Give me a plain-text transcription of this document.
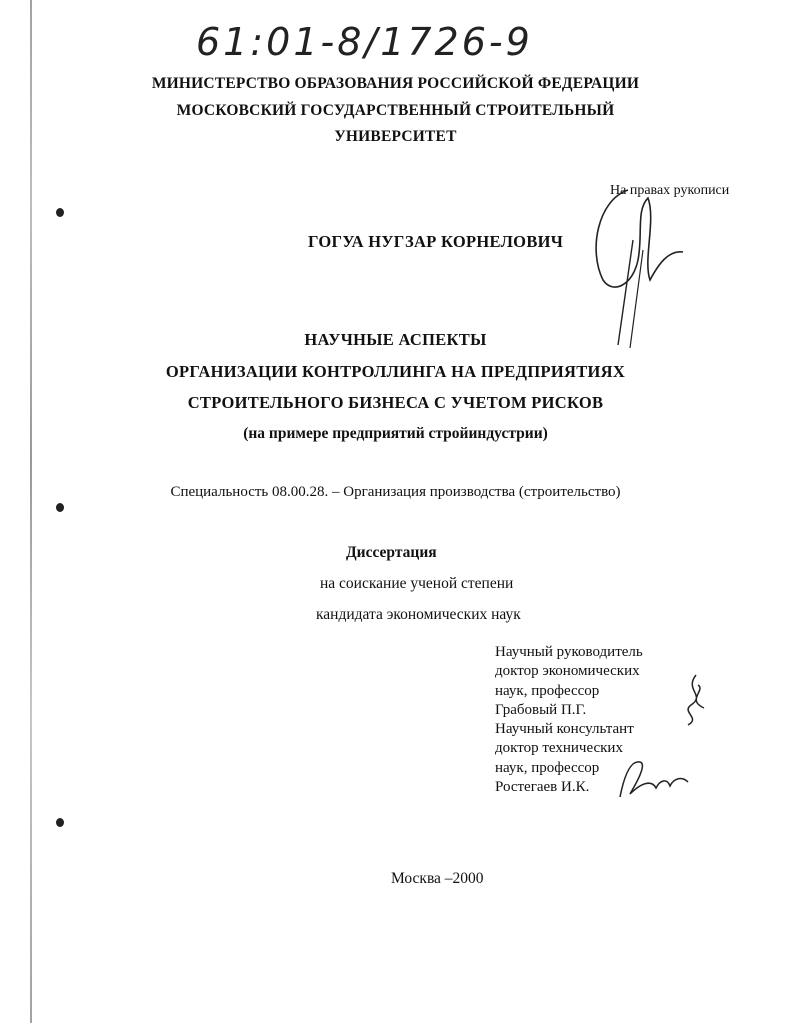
61:01-8/1726-9
МИНИСТЕРСТВО ОБРАЗОВАНИЯ РОССИЙСКОЙ ФЕДЕРАЦИИ
МОСКОВСКИЙ ГОСУДАРСТВЕННЫЙ СТРОИТЕЛЬНЫЙ
УНИВЕРСИТЕТ
На правах рукописи
ГОГУА НУГЗАР КОРНЕЛОВИЧ
НАУЧНЫЕ АСПЕКТЫ
ОРГАНИЗАЦИИ КОНТРОЛЛИНГА НА ПРЕДПРИЯТИЯХ
СТРОИТЕЛЬНОГО БИЗНЕСА С УЧЕТОМ РИСКОВ
(на примере предприятий стройиндустрии)
Специальность 08.00.28. – Организация производства (строительство)
Диссертация
на соискание ученой степени
кандидата экономических наук
Научный руководитель
доктор экономических
наук, профессор
Грабовый П.Г.
Научный консультант
доктор технических
наук, профессор
Ростегаев И.К.
Москва –2000
